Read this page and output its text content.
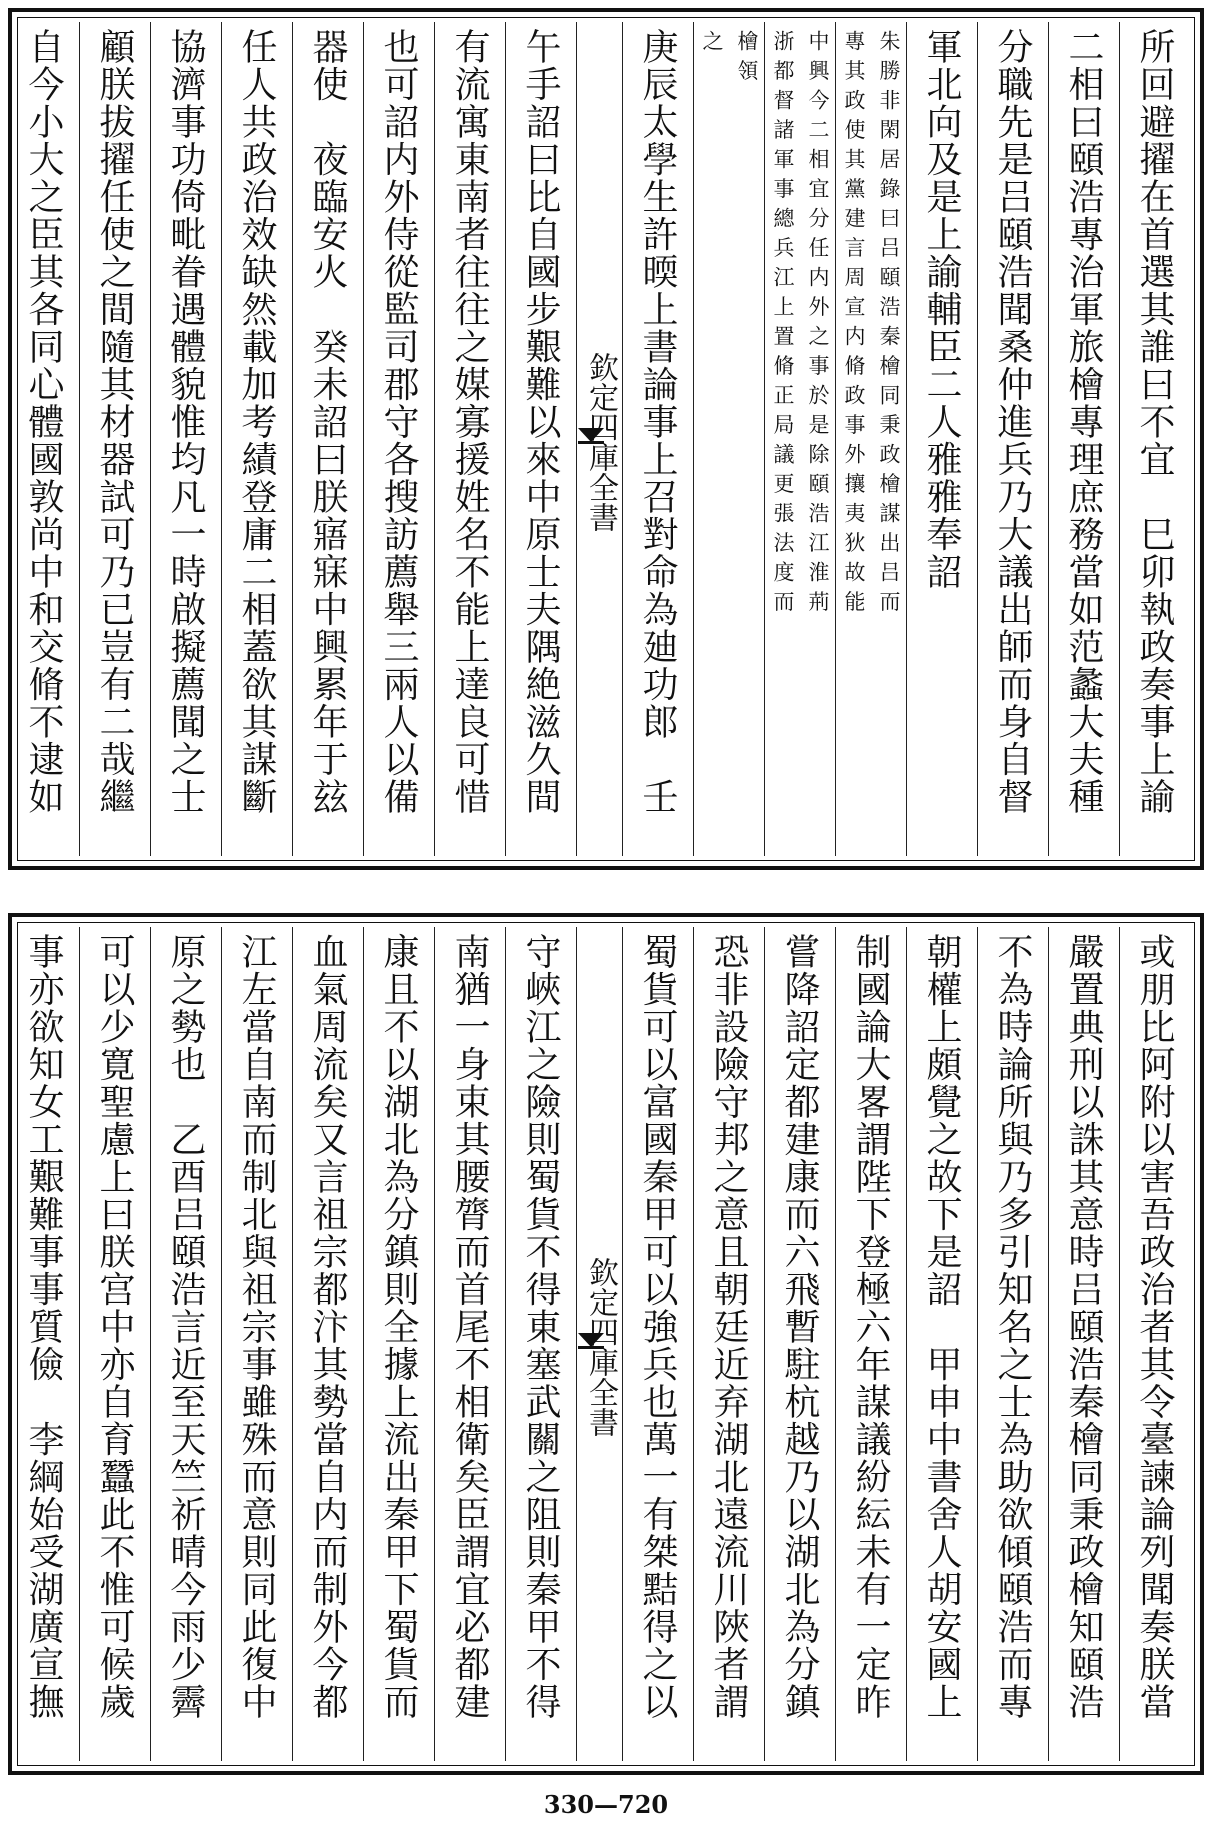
所回避擢在首選其誰曰不宜　巳卯執政奏事上諭
二相曰頤浩專治軍旅檜專理庶務當如范蠡大夫種
分職先是吕頤浩聞桑仲進兵乃大議出師而身自督
軍北向及是上諭輔臣二人雅雅奉詔
朱勝非閑居錄曰吕頤浩秦檜同秉政檜謀出吕而
專其政使其黨建言周宣内脩政事外攘夷狄故能
中興今二相宜分任内外之事於是除頤浩江淮荊
浙都督諸軍事總兵江上置脩正局議更張法度而
檜領
之
庚辰太學生許㬉上書論事上召對命為廸功郎　壬
欽定四庫全書
午手詔曰比自國步艱難以來中原士夫隅絶滋久間
有流寓東南者往往之媒寡援姓名不能上達良可惜
也可詔内外侍從監司郡守各搜訪薦舉三兩人以備
器使　夜臨安火　癸未詔曰朕寤寐中興累年于玆
任人共政治效缺然載加考績登庸二相蓋欲其謀斷
協濟事功倚毗眷遇體貌惟均凡一時啟擬薦聞之士
顧朕拔擢任使之間隨其材器試可乃已豈有二哉繼
自今小大之臣其各同心體國敦尚中和交脩不逮如
或朋比阿附以害吾政治者其令臺諫論列聞奏朕當
嚴置典刑以誅其意時吕頤浩秦檜同秉政檜知頤浩
不為時論所與乃多引知名之士為助欲傾頤浩而專
朝權上頗覺之故下是詔　甲申中書舍人胡安國上
制國論大畧謂陛下登極六年謀議紛紜未有一定昨
嘗降詔定都建康而六飛暫駐杭越乃以湖北為分鎮
恐非設險守邦之意且朝廷近弃湖北遠流川陜者謂
蜀貨可以富國秦甲可以強兵也萬一有桀黠得之以
欽定四庫全書
守峽江之險則蜀貨不得東塞武關之阻則秦甲不得
南猶一身束其腰膂而首尾不相衛矣臣謂宜必都建
康且不以湖北為分鎮則全據上流出秦甲下蜀貨而
血氣周流矣又言祖宗都汴其勢當自内而制外今都
江左當自南而制北與祖宗事雖殊而意則同此復中
原之勢也　乙酉吕頤浩言近至天竺祈晴今雨少霽
可以少寛聖慮上曰朕宫中亦自育蠶此不惟可候歲
事亦欲知女工艱難事事質儉　李綱始受湖廣宣撫
330—720
